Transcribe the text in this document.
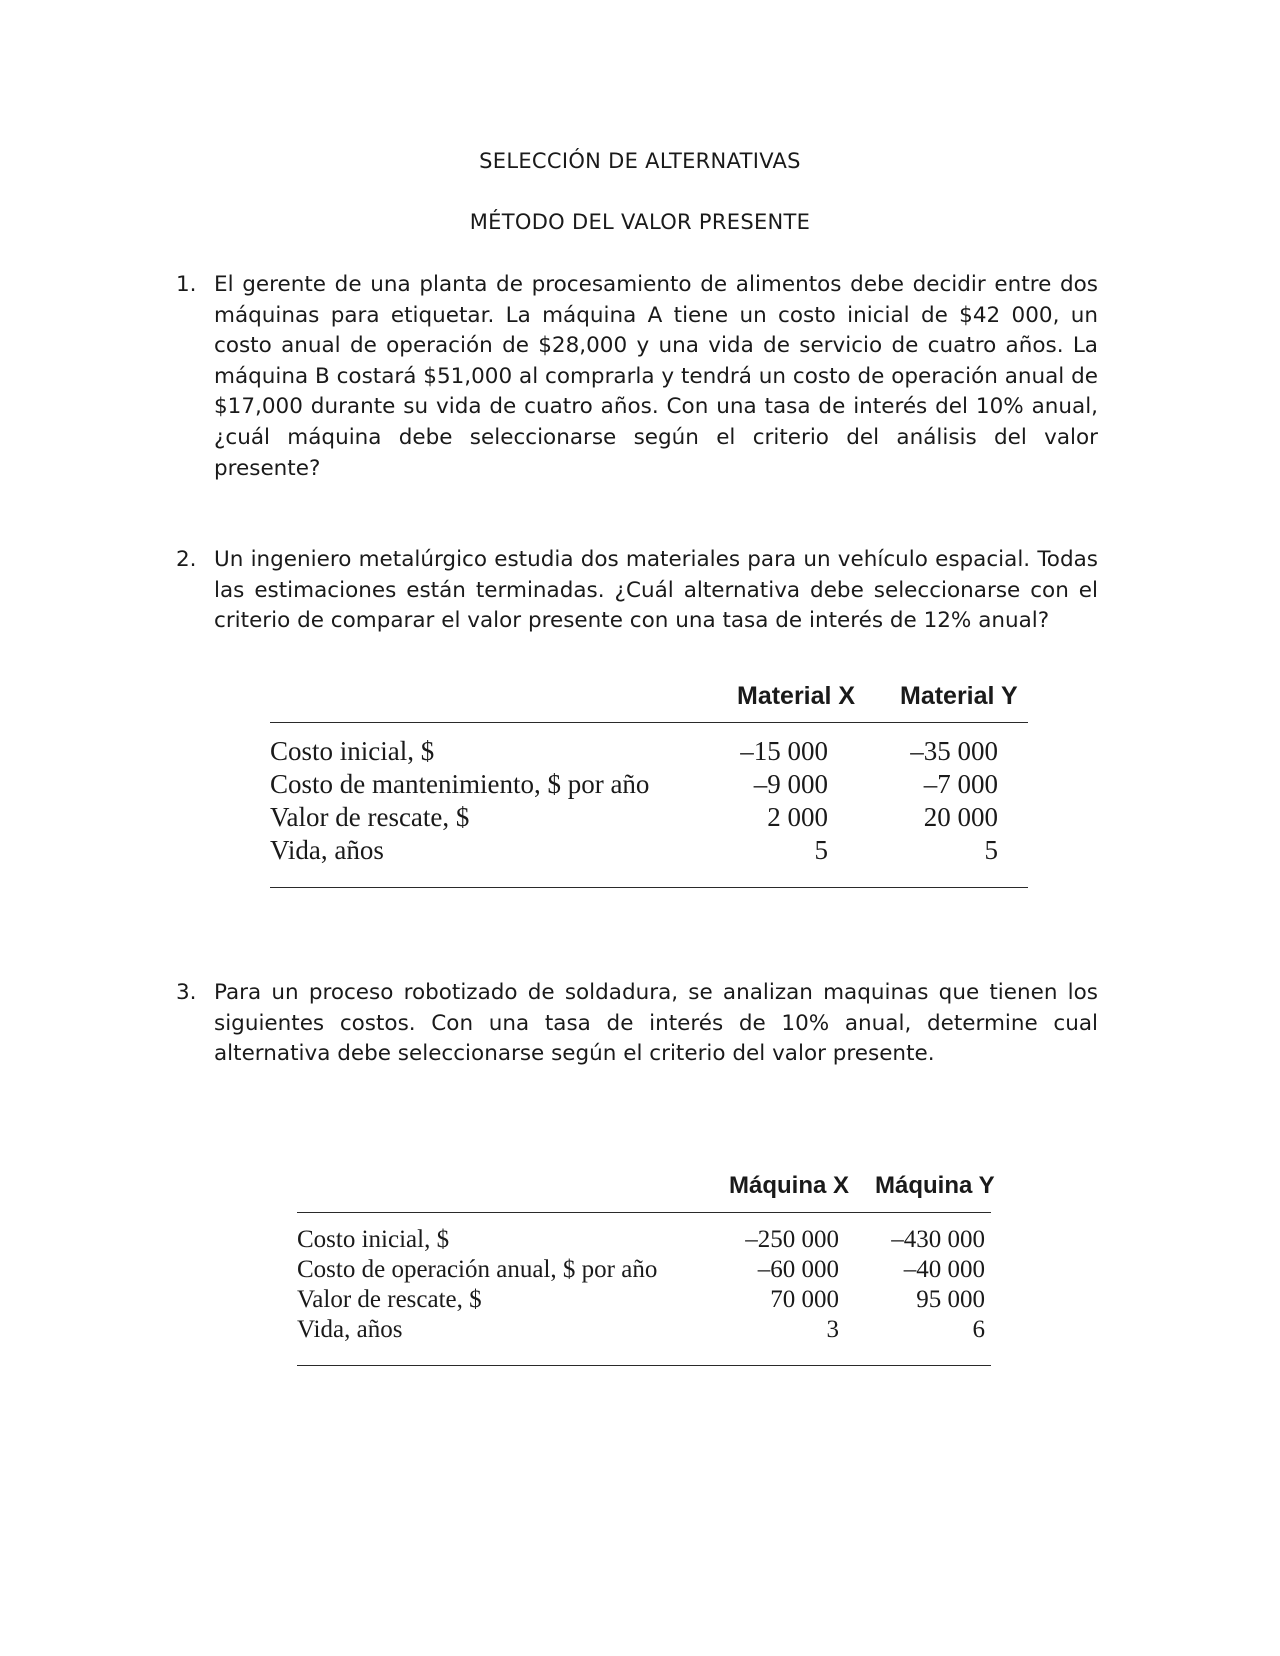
SELECCIÓN DE ALTERNATIVAS
MÉTODO DEL VALOR PRESENTE
1. El gerente de una planta de procesamiento de alimentos debe decidir entre dos máquinas para etiquetar. La máquina A tiene un costo inicial de $42 000, un costo anual de operación de $28,000 y una vida de servicio de cuatro años. La máquina B costará $51,000 al comprarla y tendrá un costo de operación anual de $17,000 durante su vida de cuatro años. Con una tasa de interés del 10% anual, ¿cuál máquina debe seleccionarse según el criterio del análisis del valor presente?
2. Un ingeniero metalúrgico estudia dos materiales para un vehículo espacial. Todas las estimaciones están terminadas. ¿Cuál alternativa debe seleccionarse con el criterio de comparar el valor presente con una tasa de interés de 12% anual?
Material X Material Y
Costo inicial, $	–15 000	–35 000
Costo de mantenimiento, $ por año	–9 000	–7 000
Valor de rescate, $	2 000	20 000
Vida, años	5	5
3. Para un proceso robotizado de soldadura, se analizan maquinas que tienen los siguientes costos. Con una tasa de interés de 10% anual, determine cual alternativa debe seleccionarse según el criterio del valor presente.
Máquina X Máquina Y
Costo inicial, $	–250 000	–430 000
Costo de operación anual, $ por año	–60 000	–40 000
Valor de rescate, $	70 000	95 000
Vida, años	3	6
